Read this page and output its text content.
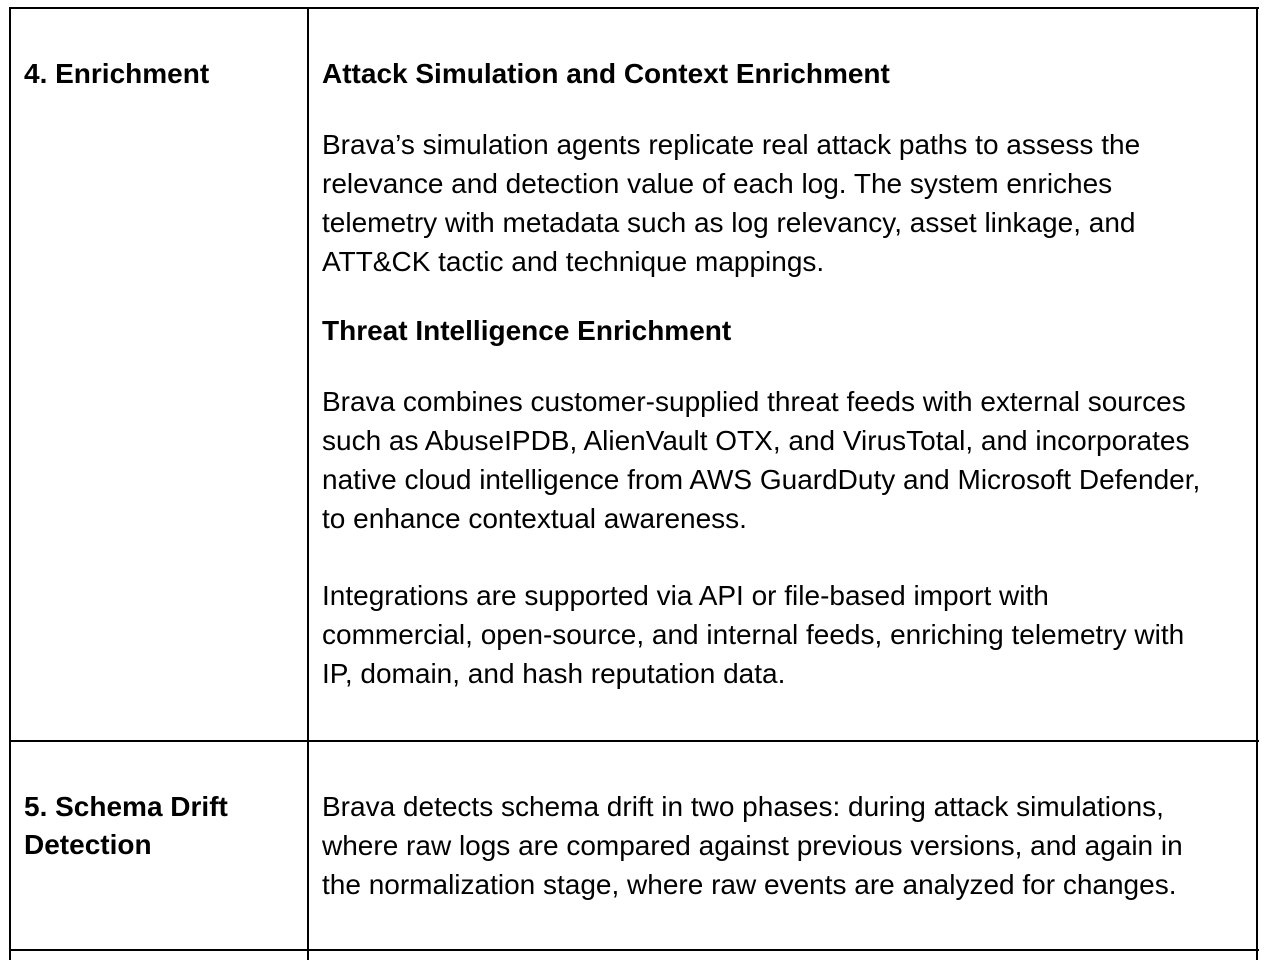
4. Enrichment	Attack Simulation and Context Enrichment
Brava’s simulation agents replicate real attack paths to assess the
relevance and detection value of each log. The system enriches
telemetry with metadata such as log relevancy, asset linkage, and
ATT&CK tactic and technique mappings.
Threat Intelligence Enrichment
Brava combines customer-supplied threat feeds with external sources
such as AbuseIPDB, AlienVault OTX, and VirusTotal, and incorporates
native cloud intelligence from AWS GuardDuty and Microsoft Defender,
to enhance contextual awareness.
Integrations are supported via API or file-based import with
commercial, open-source, and internal feeds, enriching telemetry with
IP, domain, and hash reputation data.
5. Schema Drift
Detection
Brava detects schema drift in two phases: during attack simulations,
where raw logs are compared against previous versions, and again in
the normalization stage, where raw events are analyzed for changes.
